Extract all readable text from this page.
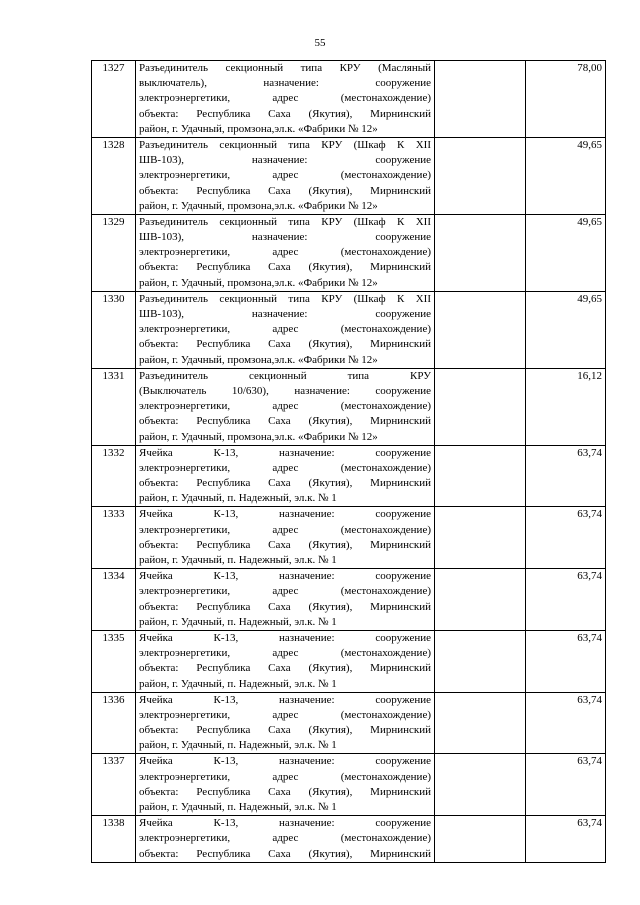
55
1327	Разъединитель секционный типа КРУ (Масляный
выключатель), назначение: сооружение
электроэнергетики, адрес (местонахождение)
объекта: Республика Саха (Якутия), Мирнинский
район, г. Удачный, промзона,эл.к. «Фабрики № 12»		78,00
1328	Разъединитель секционный типа КРУ (Шкаф К XII
ШВ-103), назначение: сооружение
электроэнергетики, адрес (местонахождение)
объекта: Республика Саха (Якутия), Мирнинский
район, г. Удачный, промзона,эл.к. «Фабрики № 12»		49,65
1329	Разъединитель секционный типа КРУ (Шкаф К XII
ШВ-103), назначение: сооружение
электроэнергетики, адрес (местонахождение)
объекта: Республика Саха (Якутия), Мирнинский
район, г. Удачный, промзона,эл.к. «Фабрики № 12»		49,65
1330	Разъединитель секционный типа КРУ (Шкаф К XII
ШВ-103), назначение: сооружение
электроэнергетики, адрес (местонахождение)
объекта: Республика Саха (Якутия), Мирнинский
район, г. Удачный, промзона,эл.к. «Фабрики № 12»		49,65
1331	Разъединитель секционный типа КРУ
(Выключатель 10/630), назначение: сооружение
электроэнергетики, адрес (местонахождение)
объекта: Республика Саха (Якутия), Мирнинский
район, г. Удачный, промзона,эл.к. «Фабрики № 12»		16,12
1332	Ячейка К-13, назначение: сооружение
электроэнергетики, адрес (местонахождение)
объекта: Республика Саха (Якутия), Мирнинский
район, г. Удачный, п. Надежный, эл.к. № 1		63,74
1333	Ячейка К-13, назначение: сооружение
электроэнергетики, адрес (местонахождение)
объекта: Республика Саха (Якутия), Мирнинский
район, г. Удачный, п. Надежный, эл.к. № 1		63,74
1334	Ячейка К-13, назначение: сооружение
электроэнергетики, адрес (местонахождение)
объекта: Республика Саха (Якутия), Мирнинский
район, г. Удачный, п. Надежный, эл.к. № 1		63,74
1335	Ячейка К-13, назначение: сооружение
электроэнергетики, адрес (местонахождение)
объекта: Республика Саха (Якутия), Мирнинский
район, г. Удачный, п. Надежный, эл.к. № 1		63,74
1336	Ячейка К-13, назначение: сооружение
электроэнергетики, адрес (местонахождение)
объекта: Республика Саха (Якутия), Мирнинский
район, г. Удачный, п. Надежный, эл.к. № 1		63,74
1337	Ячейка К-13, назначение: сооружение
электроэнергетики, адрес (местонахождение)
объекта: Республика Саха (Якутия), Мирнинский
район, г. Удачный, п. Надежный, эл.к. № 1		63,74
1338	Ячейка К-13, назначение: сооружение
электроэнергетики, адрес (местонахождение)
объекта: Республика Саха (Якутия), Мирнинский		63,74
